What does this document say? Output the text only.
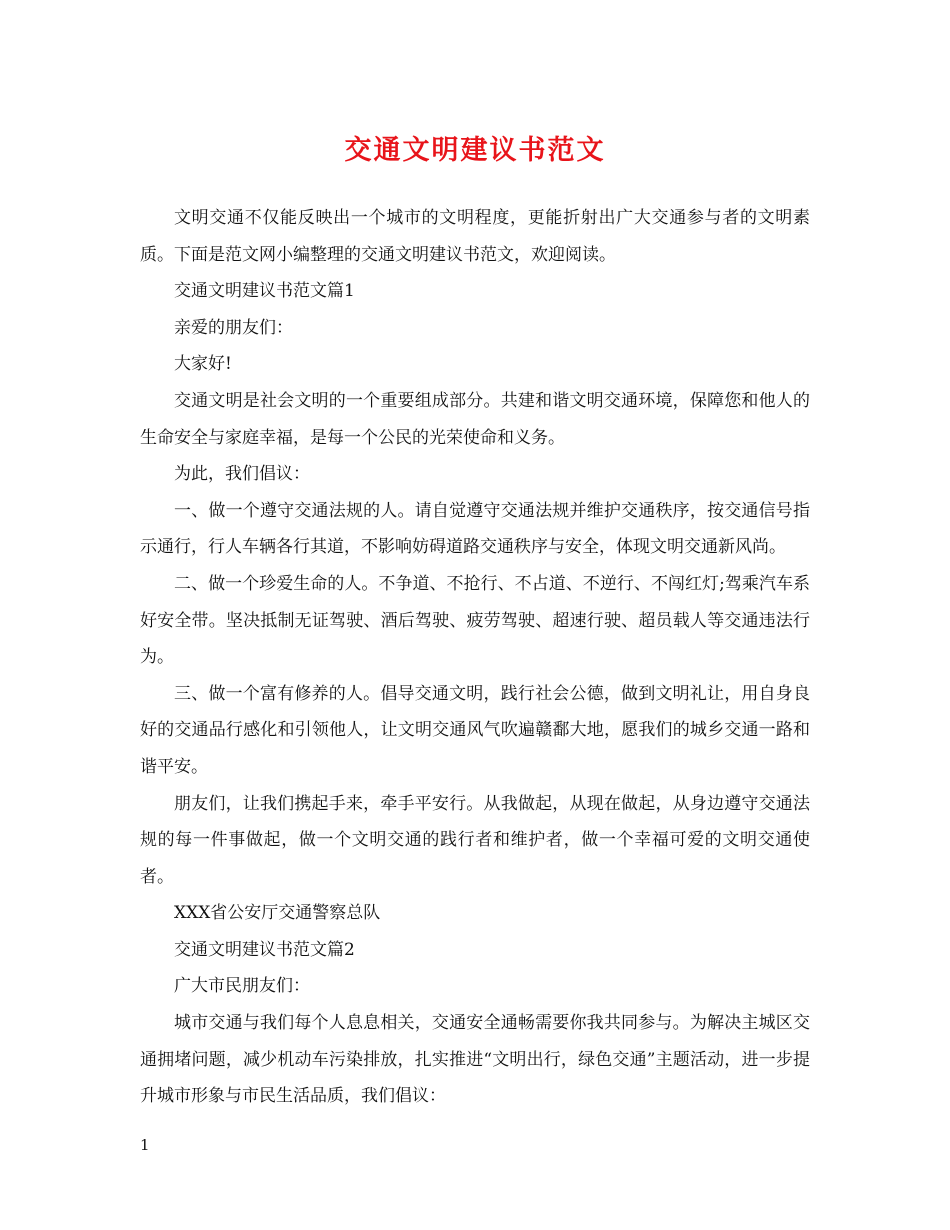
交通文明建议书范文

文明交通不仅能反映出一个城市的文明程度，更能折射出广大交通参与者的文明素质。下面是范文网小编整理的交通文明建议书范文，欢迎阅读。

交通文明建议书范文篇1

亲爱的朋友们：

大家好!

交通文明是社会文明的一个重要组成部分。共建和谐文明交通环境，保障您和他人的生命安全与家庭幸福，是每一个公民的光荣使命和义务。

为此，我们倡议：

一、做一个遵守交通法规的人。请自觉遵守交通法规并维护交通秩序，按交通信号指示通行，行人车辆各行其道，不影响妨碍道路交通秩序与安全，体现文明交通新风尚。

二、做一个珍爱生命的人。不争道、不抢行、不占道、不逆行、不闯红灯;驾乘汽车系好安全带。坚决抵制无证驾驶、酒后驾驶、疲劳驾驶、超速行驶、超员载人等交通违法行为。

三、做一个富有修养的人。倡导交通文明，践行社会公德，做到文明礼让，用自身良好的交通品行感化和引领他人，让文明交通风气吹遍赣鄱大地，愿我们的城乡交通一路和谐平安。

朋友们，让我们携起手来，牵手平安行。从我做起，从现在做起，从身边遵守交通法规的每一件事做起，做一个文明交通的践行者和维护者，做一个幸福可爱的文明交通使者。

XXX省公安厅交通警察总队

交通文明建议书范文篇2

广大市民朋友们：

城市交通与我们每个人息息相关，交通安全通畅需要你我共同参与。为解决主城区交通拥堵问题，减少机动车污染排放，扎实推进“文明出行，绿色交通”主题活动，进一步提升城市形象与市民生活品质，我们倡议：

1
